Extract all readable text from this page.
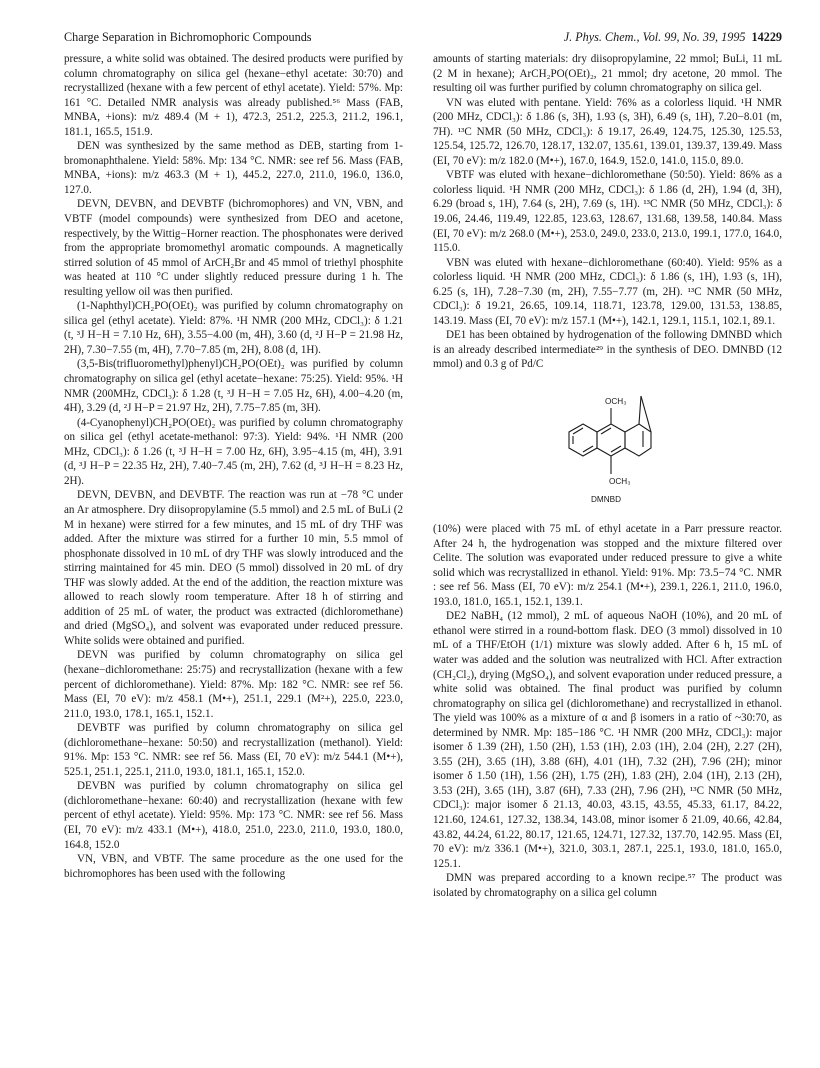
Charge Separation in Bichromophoric Compounds	J. Phys. Chem., Vol. 99, No. 39, 1995 14229

pressure, a white solid was obtained. The desired products were purified by column chromatography on silica gel (hexane−ethyl acetate: 30:70) and recrystallized (hexane with a few percent of ethyl acetate). Yield: 57%. Mp: 161 °C. Detailed NMR analysis was already published.⁵⁶ Mass (FAB, MNBA, +ions): m/z 489.4 (M + 1), 472.3, 251.2, 225.3, 211.2, 196.1, 181.1, 165.5, 151.9.

DEN was synthesized by the same method as DEB, starting from 1-bromonaphthalene. Yield: 58%. Mp: 134 °C. NMR: see ref 56. Mass (FAB, MNBA, +ions): m/z 463.3 (M + 1), 445.2, 227.0, 211.0, 196.0, 136.0, 127.0.

DEVN, DEVBN, and DEVBTF (bichromophores) and VN, VBN, and VBTF (model compounds) were synthesized from DEO and acetone, respectively, by the Wittig−Horner reaction. The phosphonates were derived from the appropriate bromomethyl aromatic compounds. A magnetically stirred solution of 45 mmol of ArCH₂Br and 45 mmol of triethyl phosphite was heated at 110 °C under slightly reduced pressure during 1 h. The resulting yellow oil was then purified.

(1-Naphthyl)CH₂PO(OEt)₂ was purified by column chromatography on silica gel (ethyl acetate). Yield: 87%. ¹H NMR (200 MHz, CDCl₃): δ 1.21 (t, ³J H−H = 7.10 Hz, 6H), 3.55−4.00 (m, 4H), 3.60 (d, ²J H−P = 21.98 Hz, 2H), 7.30−7.55 (m, 4H), 7.70−7.85 (m, 2H), 8.08 (d, 1H).

(3,5-Bis(trifluoromethyl)phenyl)CH₂PO(OEt)₂ was purified by column chromatography on silica gel (ethyl acetate−hexane: 75:25). Yield: 95%. ¹H NMR (200MHz, CDCl₃): δ 1.28 (t, ³J H−H = 7.05 Hz, 6H), 4.00−4.20 (m, 4H), 3.29 (d, ²J H−P = 21.97 Hz, 2H), 7.75−7.85 (m, 3H).

(4-Cyanophenyl)CH₂PO(OEt)₂ was purified by column chromatography on silica gel (ethyl acetate-methanol: 97:3). Yield: 94%. ¹H NMR (200 MHz, CDCl₃): δ 1.26 (t, ³J H−H = 7.00 Hz, 6H), 3.95−4.15 (m, 4H), 3.91 (d, ³J H−P = 22.35 Hz, 2H), 7.40−7.45 (m, 2H), 7.62 (d, ³J H−H = 8.23 Hz, 2H).

DEVN, DEVBN, and DEVBTF. The reaction was run at −78 °C under an Ar atmosphere. Dry diisopropylamine (5.5 mmol) and 2.5 mL of BuLi (2 M in hexane) were stirred for a few minutes, and 15 mL of dry THF was added. After the mixture was stirred for a further 10 min, 5.5 mmol of phosphonate dissolved in 10 mL of dry THF was slowly introduced and the stirring maintained for 45 min. DEO (5 mmol) dissolved in 20 mL of dry THF was slowly added. At the end of the addition, the reaction mixture was allowed to reach slowly room temperature. After 18 h of stirring and addition of 25 mL of water, the product was extracted (dichloromethane) and dried (MgSO₄), and solvent was evaporated under reduced pressure. White solids were obtained and purified.

DEVN was purified by column chromatography on silica gel (hexane−dichloromethane: 25:75) and recrystallization (hexane with a few percent of dichloromethane). Yield: 87%. Mp: 182 °C. NMR: see ref 56. Mass (EI, 70 eV): m/z 458.1 (M•+), 251.1, 229.1 (M²+), 225.0, 223.0, 211.0, 193.0, 178.1, 165.1, 152.1.

DEVBTF was purified by column chromatography on silica gel (dichloromethane−hexane: 50:50) and recrystallization (methanol). Yield: 91%. Mp: 153 °C. NMR: see ref 56. Mass (EI, 70 eV): m/z 544.1 (M•+), 525.1, 251.1, 225.1, 211.0, 193.0, 181.1, 165.1, 152.0.

DEVBN was purified by column chromatography on silica gel (dichloromethane−hexane: 60:40) and recrystallization (hexane with few percent of ethyl acetate). Yield: 95%. Mp: 173 °C. NMR: see ref 56. Mass (EI, 70 eV): m/z 433.1 (M•+), 418.0, 251.0, 223.0, 211.0, 193.0, 180.0, 164.8, 152.0

VN, VBN, and VBTF. The same procedure as the one used for the bichromophores has been used with the following

amounts of starting materials: dry diisopropylamine, 22 mmol; BuLi, 11 mL (2 M in hexane); ArCH₂PO(OEt)₂, 21 mmol; dry acetone, 20 mmol. The resulting oil was further purified by column chromatography on silica gel.

VN was eluted with pentane. Yield: 76% as a colorless liquid. ¹H NMR (200 MHz, CDCl₃): δ 1.86 (s, 3H), 1.93 (s, 3H), 6.49 (s, 1H), 7.20−8.01 (m, 7H). ¹³C NMR (50 MHz, CDCl₃): δ 19.17, 26.49, 124.75, 125.30, 125.53, 125.54, 125.72, 126.70, 128.17, 132.07, 135.61, 139.01, 139.37, 139.49. Mass (EI, 70 eV): m/z 182.0 (M•+), 167.0, 164.9, 152.0, 141.0, 115.0, 89.0.

VBTF was eluted with hexane−dichloromethane (50:50). Yield: 86% as a colorless liquid. ¹H NMR (200 MHz, CDCl₃): δ 1.86 (d, 2H), 1.94 (d, 3H), 6.29 (broad s, 1H), 7.64 (s, 2H), 7.69 (s, 1H). ¹³C NMR (50 MHz, CDCl₃): δ 19.06, 24.46, 119.49, 122.85, 123.63, 128.67, 131.68, 139.58, 140.84. Mass (EI, 70 eV): m/z 268.0 (M•+), 253.0, 249.0, 233.0, 213.0, 199.1, 177.0, 164.0, 115.0.

VBN was eluted with hexane−dichloromethane (60:40). Yield: 95% as a colorless liquid. ¹H NMR (200 MHz, CDCl₃): δ 1.86 (s, 1H), 1.93 (s, 1H), 6.25 (s, 1H), 7.28−7.30 (m, 2H), 7.55−7.77 (m, 2H). ¹³C NMR (50 MHz, CDCl₃): δ 19.21, 26.65, 109.14, 118.71, 123.78, 129.00, 131.53, 138.85, 143.19. Mass (EI, 70 eV): m/z 157.1 (M•+), 142.1, 129.1, 115.1, 102.1, 89.1.

DE1 has been obtained by hydrogenation of the following DMNBD which is an already described intermediate²⁹ in the synthesis of DEO. DMNBD (12 mmol) and 0.3 g of Pd/C

OCH₃
OCH₃
DMNBD

(10%) were placed with 75 mL of ethyl acetate in a Parr pressure reactor. After 24 h, the hydrogenation was stopped and the mixture filtered over Celite. The solution was evaporated under reduced pressure to give a white solid which was recrystallized in ethanol. Yield: 91%. Mp: 73.5−74 °C. NMR : see ref 56. Mass (EI, 70 eV): m/z 254.1 (M•+), 239.1, 226.1, 211.0, 196.0, 193.0, 181.0, 165.1, 152.1, 139.1.

DE2 NaBH₄ (12 mmol), 2 mL of aqueous NaOH (10%), and 20 mL of ethanol were stirred in a round-bottom flask. DEO (3 mmol) dissolved in 10 mL of a THF/EtOH (1/1) mixture was slowly added. After 6 h, 15 mL of water was added and the solution was neutralized with HCl. After extraction (CH₂Cl₂), drying (MgSO₄), and solvent evaporation under reduced pressure, a white solid was obtained. The final product was purified by column chromatography on silica gel (dichloromethane) and recrystallized in ethanol. The yield was 100% as a mixture of α and β isomers in a ratio of ~30:70, as determined by NMR. Mp: 185−186 °C. ¹H NMR (200 MHz, CDCl₃): major isomer δ 1.39 (2H), 1.50 (2H), 1.53 (1H), 2.03 (1H), 2.04 (2H), 2.27 (2H), 3.55 (2H), 3.65 (1H), 3.88 (6H), 4.01 (1H), 7.32 (2H), 7.96 (2H); minor isomer δ 1.50 (1H), 1.56 (2H), 1.75 (2H), 1.83 (2H), 2.04 (1H), 2.13 (2H), 3.53 (2H), 3.65 (1H), 3.87 (6H), 7.33 (2H), 7.96 (2H), ¹³C NMR (50 MHz, CDCl₃): major isomer δ 21.13, 40.03, 43.15, 43.55, 45.33, 61.17, 84.22, 121.60, 124.61, 127.32, 138.34, 143.08, minor isomer δ 21.09, 40.66, 42.84, 43.82, 44.24, 61.22, 80.17, 121.65, 124.71, 127.32, 137.70, 142.95. Mass (EI, 70 eV): m/z 336.1 (M•+), 321.0, 303.1, 287.1, 225.1, 193.0, 181.0, 165.0, 125.1.

DMN was prepared according to a known recipe.⁵⁷ The product was isolated by chromatography on a silica gel column
